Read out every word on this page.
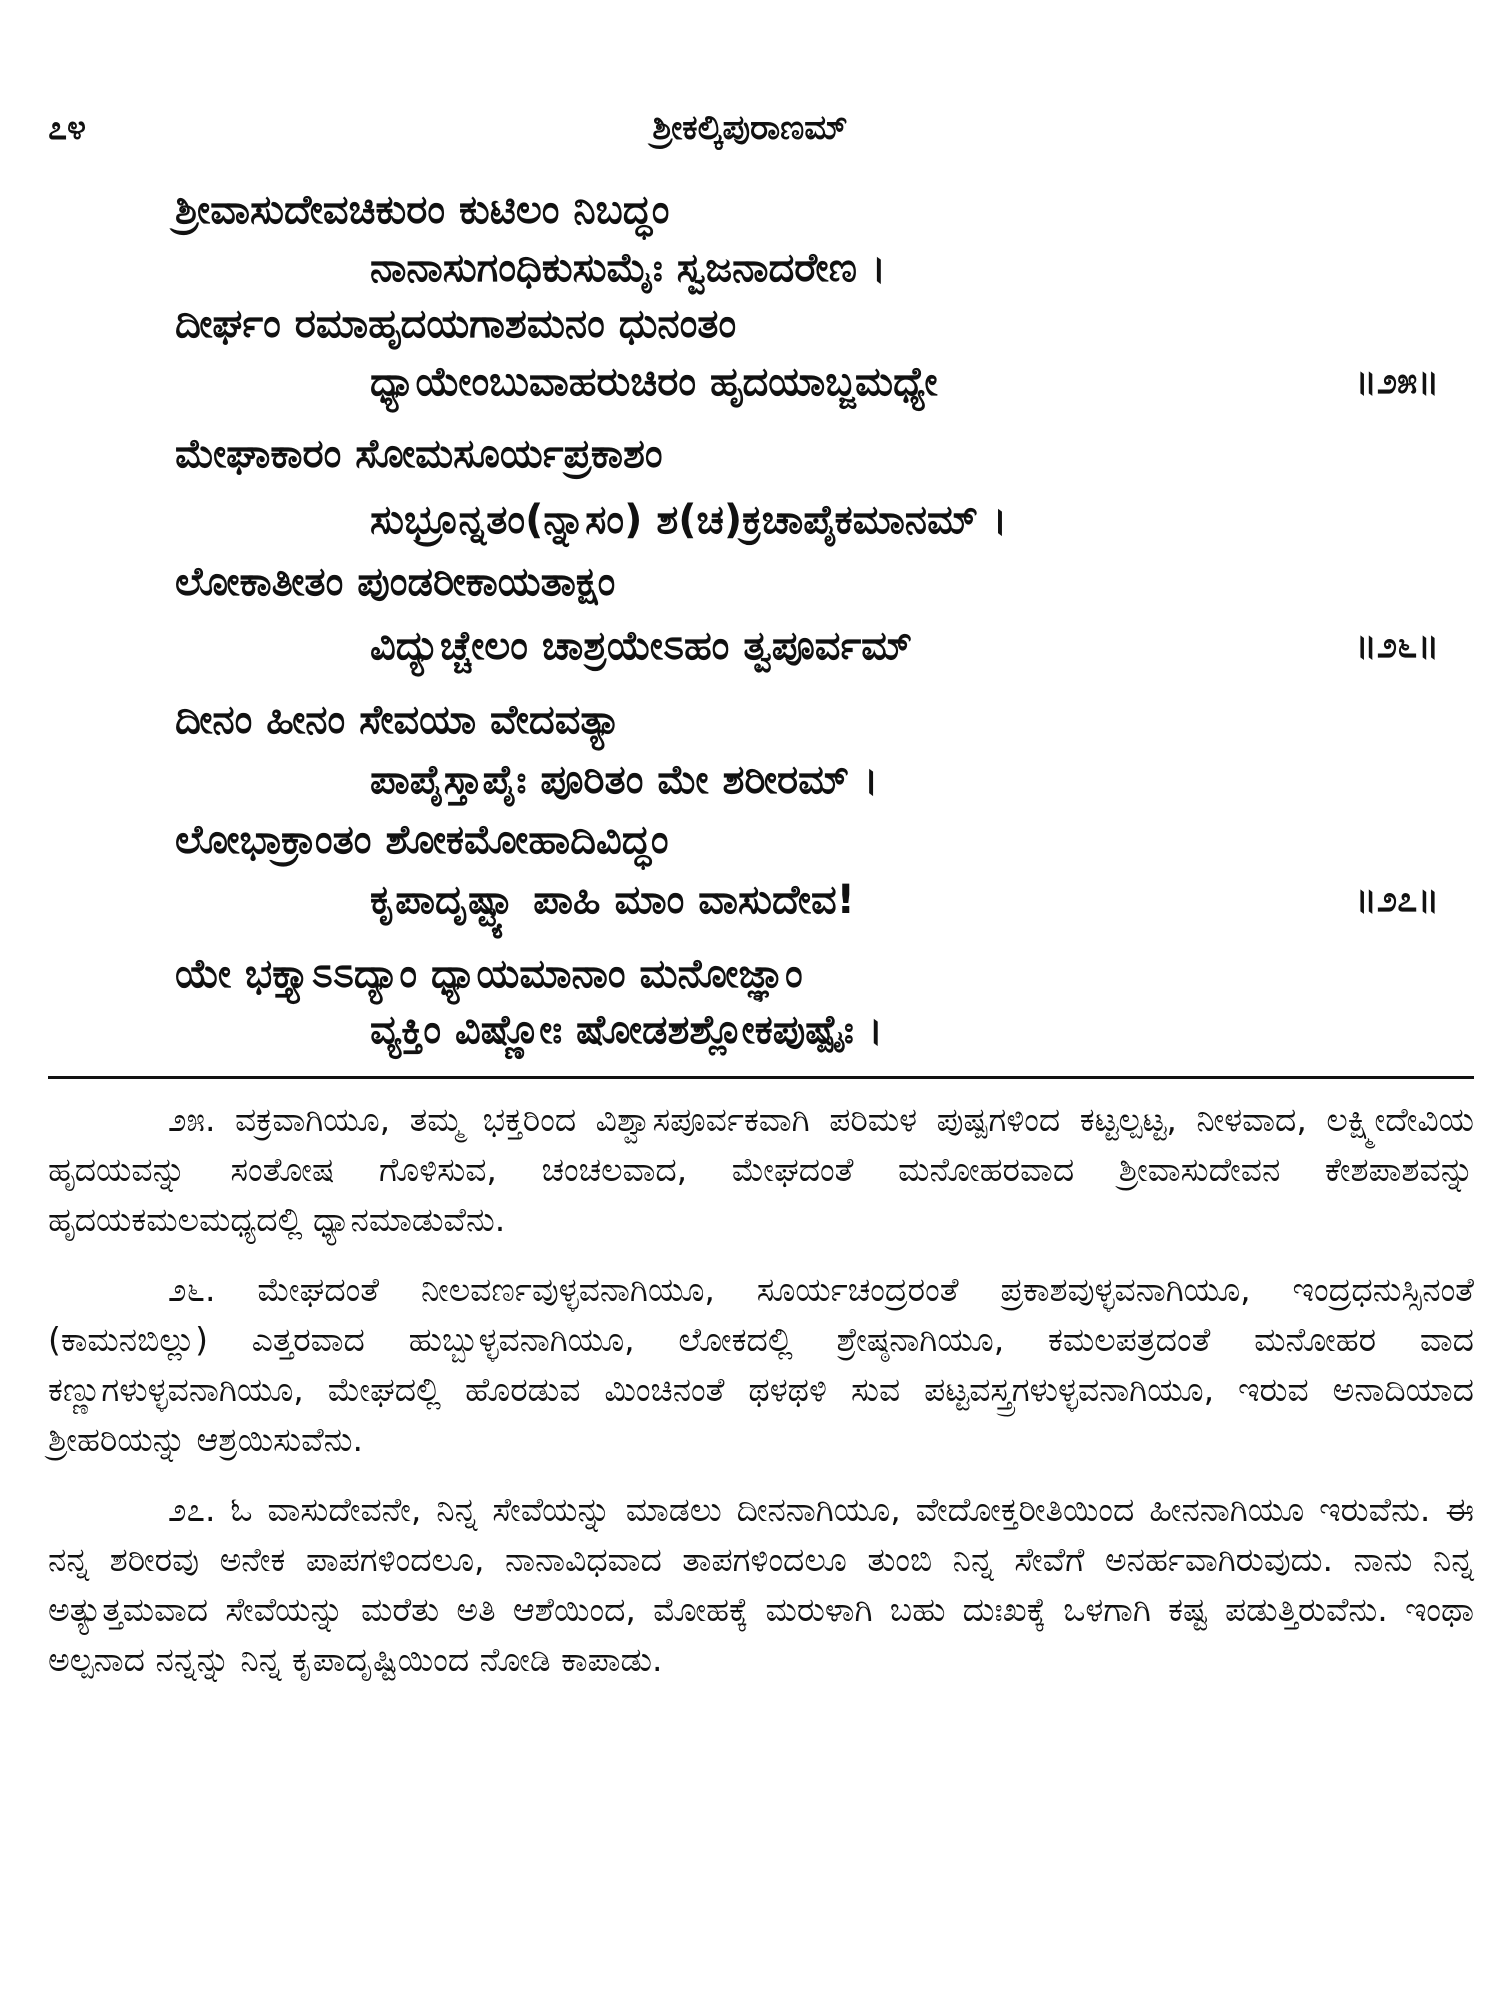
ಶ್ರೀಕಲ್ಕಿಪುರಾಣಮ್
೭೪
ಶ್ರೀವಾಸುದೇವಚಿಕುರಂ ಕುಟಿಲಂ ನಿಬದ್ಧಂ
ನಾನಾಸುಗಂಧಿಕುಸುಮೈಃ ಸ್ವಜನಾದರೇಣ ।
ದೀರ್ಘಂ ರಮಾಹೃದಯಗಾಶಮನಂ ಧುನಂತಂ
ಧ್ಯಾಯೇಂಬುವಾಹರುಚಿರಂ ಹೃದಯಾಬ್ಜಮಧ್ಯೇ	॥೨೫॥
ಮೇಘಾಕಾರಂ ಸೋಮಸೂರ್ಯಪ್ರಕಾಶಂ
ಸುಭ್ರೂನ್ನತಂ(ನ್ನಾಸಂ) ಶ(ಚ)ಕ್ರಚಾಪೈಕಮಾನಮ್ ।
ಲೋಕಾತೀತಂ ಪುಂಡರೀಕಾಯತಾಕ್ಷಂ
ವಿದ್ಯುಚ್ಚೇಲಂ ಚಾಶ್ರಯೇಽಹಂ ತ್ವಪೂರ್ವಮ್	॥೨೬॥
ದೀನಂ ಹೀನಂ ಸೇವಯಾ ವೇದವತ್ಯಾ
ಪಾಪೈಸ್ತಾಪೈಃ ಪೂರಿತಂ ಮೇ ಶರೀರಮ್ ।
ಲೋಭಾಕ್ರಾಂತಂ ಶೋಕಮೋಹಾದಿವಿದ್ಧಂ
ಕೃಪಾದೃಷ್ಟ್ಯಾ ಪಾಹಿ ಮಾಂ ವಾಸುದೇವ!	॥೨೭॥
ಯೇ ಭಕ್ತ್ಯಾಽಽದ್ಯಾಂ ಧ್ಯಾಯಮಾನಾಂ ಮನೋಜ್ಞಾಂ
ವ್ಯಕ್ತಿಂ ವಿಷ್ಣೋಃ ಷೋಡಶಶ್ಲೋಕಪುಷ್ಪೈಃ ।

೨೫. ವಕ್ರವಾಗಿಯೂ, ತಮ್ಮ ಭಕ್ತರಿಂದ ವಿಶ್ವಾಸಪೂರ್ವಕವಾಗಿ ಪರಿಮಳ ಪುಷ್ಪಗಳಿಂದ ಕಟ್ಟಲ್ಪಟ್ಟ, ನೀಳವಾದ, ಲಕ್ಷ್ಮೀದೇವಿಯ ಹೃದಯವನ್ನು ಸಂತೋಷ ಗೊಳಿಸುವ, ಚಂಚಲವಾದ, ಮೇಘದಂತೆ ಮನೋಹರವಾದ ಶ್ರೀವಾಸುದೇವನ ಕೇಶಪಾಶವನ್ನು ಹೃದಯಕಮಲಮಧ್ಯದಲ್ಲಿ ಧ್ಯಾನಮಾಡುವೆನು.

೨೬. ಮೇಘದಂತೆ ನೀಲವರ್ಣವುಳ್ಳವನಾಗಿಯೂ, ಸೂರ್ಯಚಂದ್ರರಂತೆ ಪ್ರಕಾಶವುಳ್ಳವನಾಗಿಯೂ, ಇಂದ್ರಧನುಸ್ಸಿನಂತೆ (ಕಾಮನಬಿಲ್ಲು) ಎತ್ತರವಾದ ಹುಬ್ಬುಳ್ಳವನಾಗಿಯೂ, ಲೋಕದಲ್ಲಿ ಶ್ರೇಷ್ಠನಾಗಿಯೂ, ಕಮಲಪತ್ರದಂತೆ ಮನೋಹರ ವಾದ ಕಣ್ಣುಗಳುಳ್ಳವನಾಗಿಯೂ, ಮೇಘದಲ್ಲಿ ಹೊರಡುವ ಮಿಂಚಿನಂತೆ ಥಳಥಳಿ ಸುವ ಪಟ್ಟವಸ್ತ್ರಗಳುಳ್ಳವನಾಗಿಯೂ, ಇರುವ ಅನಾದಿಯಾದ ಶ್ರೀಹರಿಯನ್ನು ಆಶ್ರಯಿಸುವೆನು.

೨೭. ಓ ವಾಸುದೇವನೇ, ನಿನ್ನ ಸೇವೆಯನ್ನು ಮಾಡಲು ದೀನನಾಗಿಯೂ, ವೇದೋಕ್ತರೀತಿಯಿಂದ ಹೀನನಾಗಿಯೂ ಇರುವೆನು. ಈ ನನ್ನ ಶರೀರವು ಅನೇಕ ಪಾಪಗಳಿಂದಲೂ, ನಾನಾವಿಧವಾದ ತಾಪಗಳಿಂದಲೂ ತುಂಬಿ ನಿನ್ನ ಸೇವೆಗೆ ಅನರ್ಹವಾಗಿರುವುದು. ನಾನು ನಿನ್ನ ಅತ್ಯುತ್ತಮವಾದ ಸೇವೆಯನ್ನು ಮರೆತು ಅತಿ ಆಶೆಯಿಂದ, ಮೋಹಕ್ಕೆ ಮರುಳಾಗಿ ಬಹು ದುಃಖಕ್ಕೆ ಒಳಗಾಗಿ ಕಷ್ಟ ಪಡುತ್ತಿರುವೆನು. ಇಂಥಾ ಅಲ್ಪನಾದ ನನ್ನನ್ನು ನಿನ್ನ ಕೃಪಾದೃಷ್ಟಿಯಿಂದ ನೋಡಿ ಕಾಪಾಡು.
